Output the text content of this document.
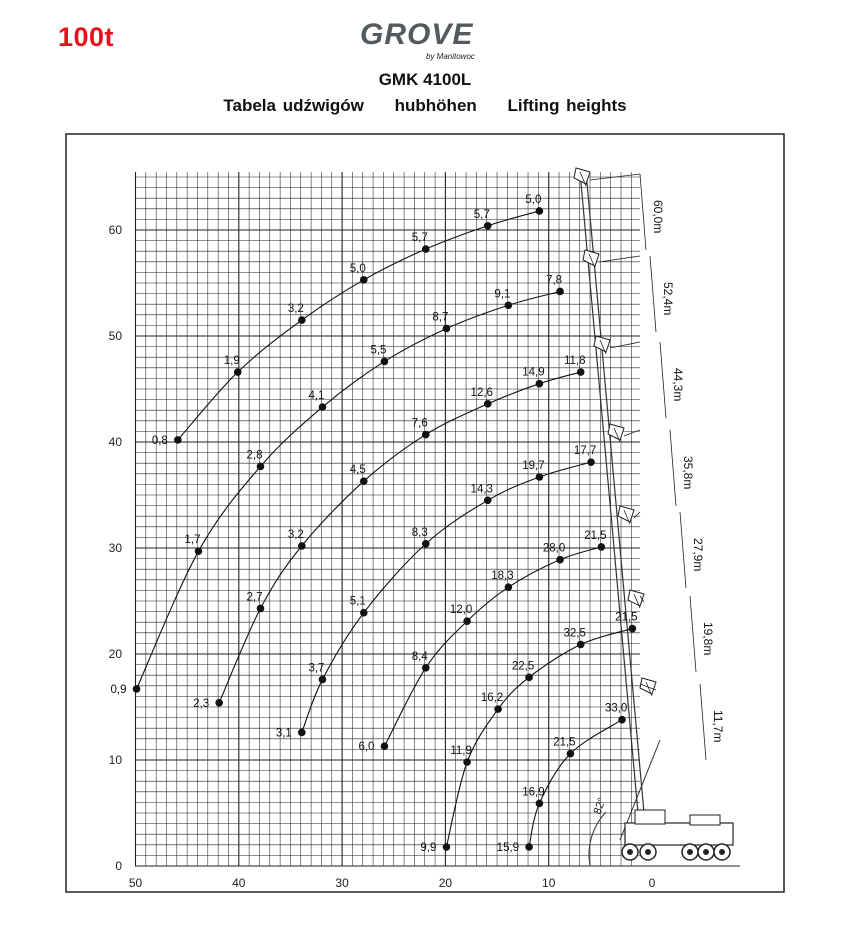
100t	GROVE
by Manitowoc
GMK 4100L
Tabela udźwigów hubhöhen Lifting heights
50	40	30	20	10	0
0
10
20
30
40
50
60
82°
60,0m
52,4m
44,3m
35,8m
27,9m
19,8m
11,7m
0,8
1,9
3,2
5,0
5,7
5,7
5,0
0,9
1,7
2,8
4,1
5,5
8,7
9,1
7,8
2,3
2,7
3,2
4,5
7,6
12,6
14,9
11,8
3,1
3,7
5,1
8,3
14,3
19,7
17,7
6,0
8,4
12,0
18,3
28,0
21,5
9,9
11,9
16,2
22,5
32,5
21,5
15,9
16,9
21,5
33,0
